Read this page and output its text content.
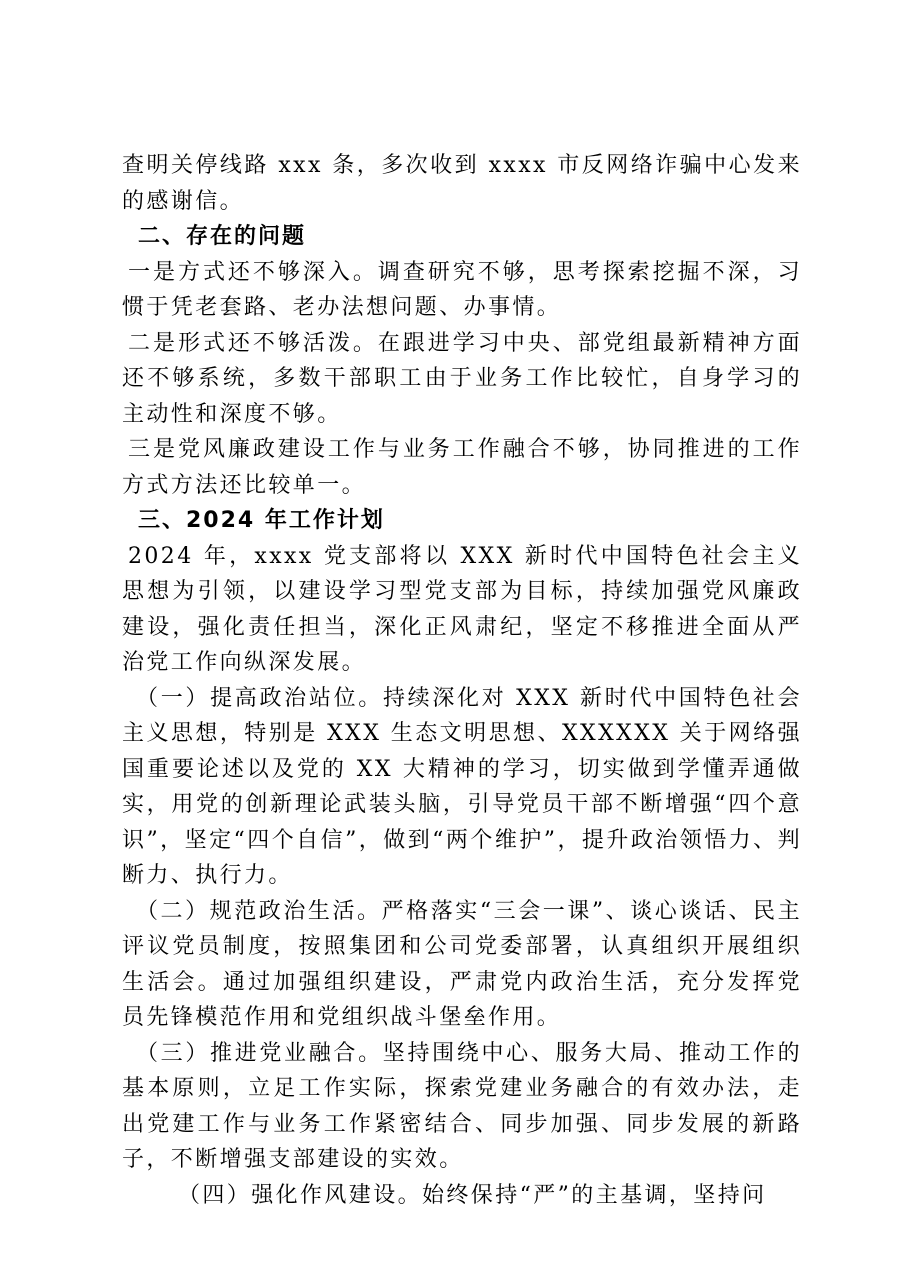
查明关停线路 xxx 条，多次收到 xxxx 市反网络诈骗中心发来的感谢信。

二、存在的问题

一是方式还不够深入。调查研究不够，思考探索挖掘不深，习惯于凭老套路、老办法想问题、办事情。

二是形式还不够活泼。在跟进学习中央、部党组最新精神方面还不够系统，多数干部职工由于业务工作比较忙，自身学习的主动性和深度不够。

三是党风廉政建设工作与业务工作融合不够，协同推进的工作方式方法还比较单一。

三、2024 年工作计划

2024 年，xxxx 党支部将以 XXX 新时代中国特色社会主义思想为引领，以建设学习型党支部为目标，持续加强党风廉政建设，强化责任担当，深化正风肃纪，坚定不移推进全面从严治党工作向纵深发展。

（一）提高政治站位。持续深化对 XXX 新时代中国特色社会主义思想，特别是 XXX 生态文明思想、XXXXXX 关于网络强国重要论述以及党的 XX 大精神的学习，切实做到学懂弄通做实，用党的创新理论武装头脑，引导党员干部不断增强“四个意识”，坚定“四个自信”，做到“两个维护”，提升政治领悟力、判断力、执行力。

（二）规范政治生活。严格落实“三会一课”、谈心谈话、民主评议党员制度，按照集团和公司党委部署，认真组织开展组织生活会。通过加强组织建设，严肃党内政治生活，充分发挥党员先锋模范作用和党组织战斗堡垒作用。

（三）推进党业融合。坚持围绕中心、服务大局、推动工作的基本原则，立足工作实际，探索党建业务融合的有效办法，走出党建工作与业务工作紧密结合、同步加强、同步发展的新路子，不断增强支部建设的实效。

（四）强化作风建设。始终保持“严”的主基调，坚持问
